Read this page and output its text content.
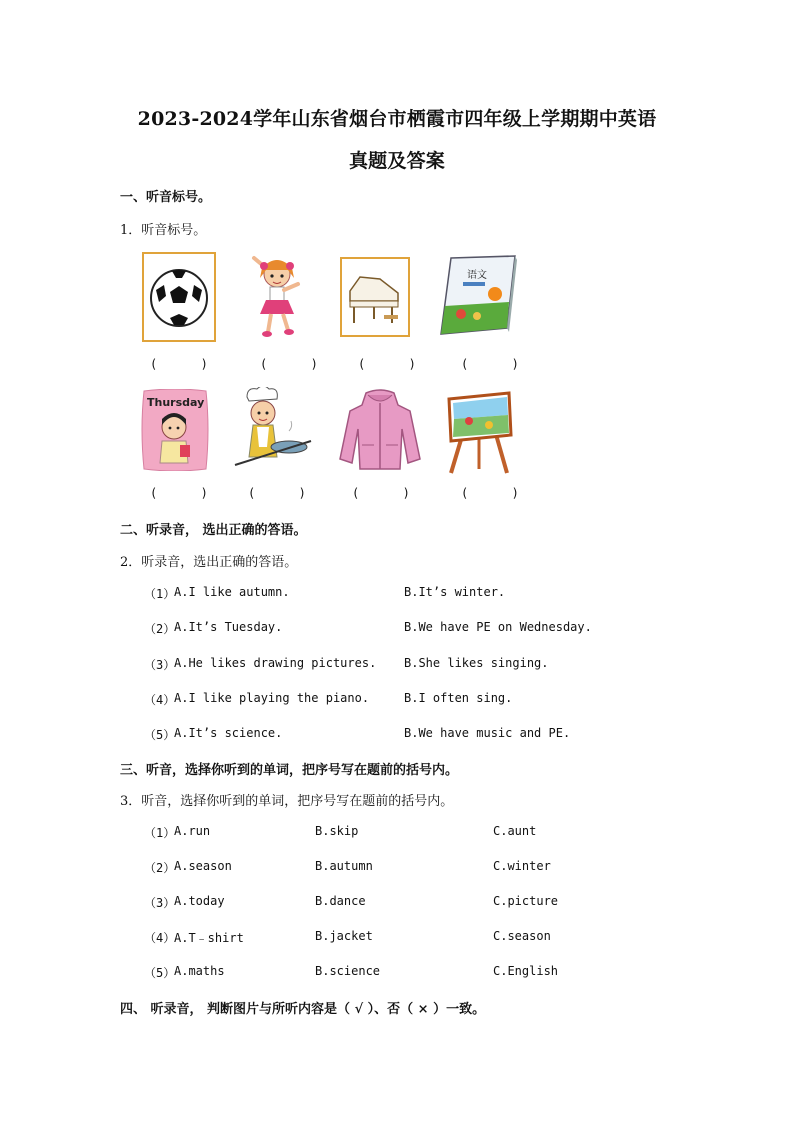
2023-2024学年山东省烟台市栖霞市四年级上学期期中英语
真题及答案
一、听音标号。
1．听音标号。
语文
(      )	(      )	(      )	(      )
Thursday
(      )	(      )	(      )	(      )
二、听录音， 选出正确的答语。
2．听录音，选出正确的答语。
（1）
A.I like autumn.	B.It’s winter.
（2）
A.It’s Tuesday.	B.We have PE on Wednesday.
（3）
A.He likes drawing pictures. B.She likes singing.
（4）
A.I like playing the piano.	B.I often sing.
（5）
A.It’s science.	B.We have music and PE.
三、听音，选择你听到的单词，把序号写在题前的括号内。
3．听音，选择你听到的单词，把序号写在题前的括号内。
（1）
A.run	B.skip	C.aunt
（2）
A.season	B.autumn	C.winter
（3）
A.today	B.dance	C.picture
（4）
A.T﹣shirt	B.jacket	C.season
（5）
A.maths	B.science	C.English
四、 听录音， 判断图片与所听内容是（ √ ）、否（ × ）一致。
